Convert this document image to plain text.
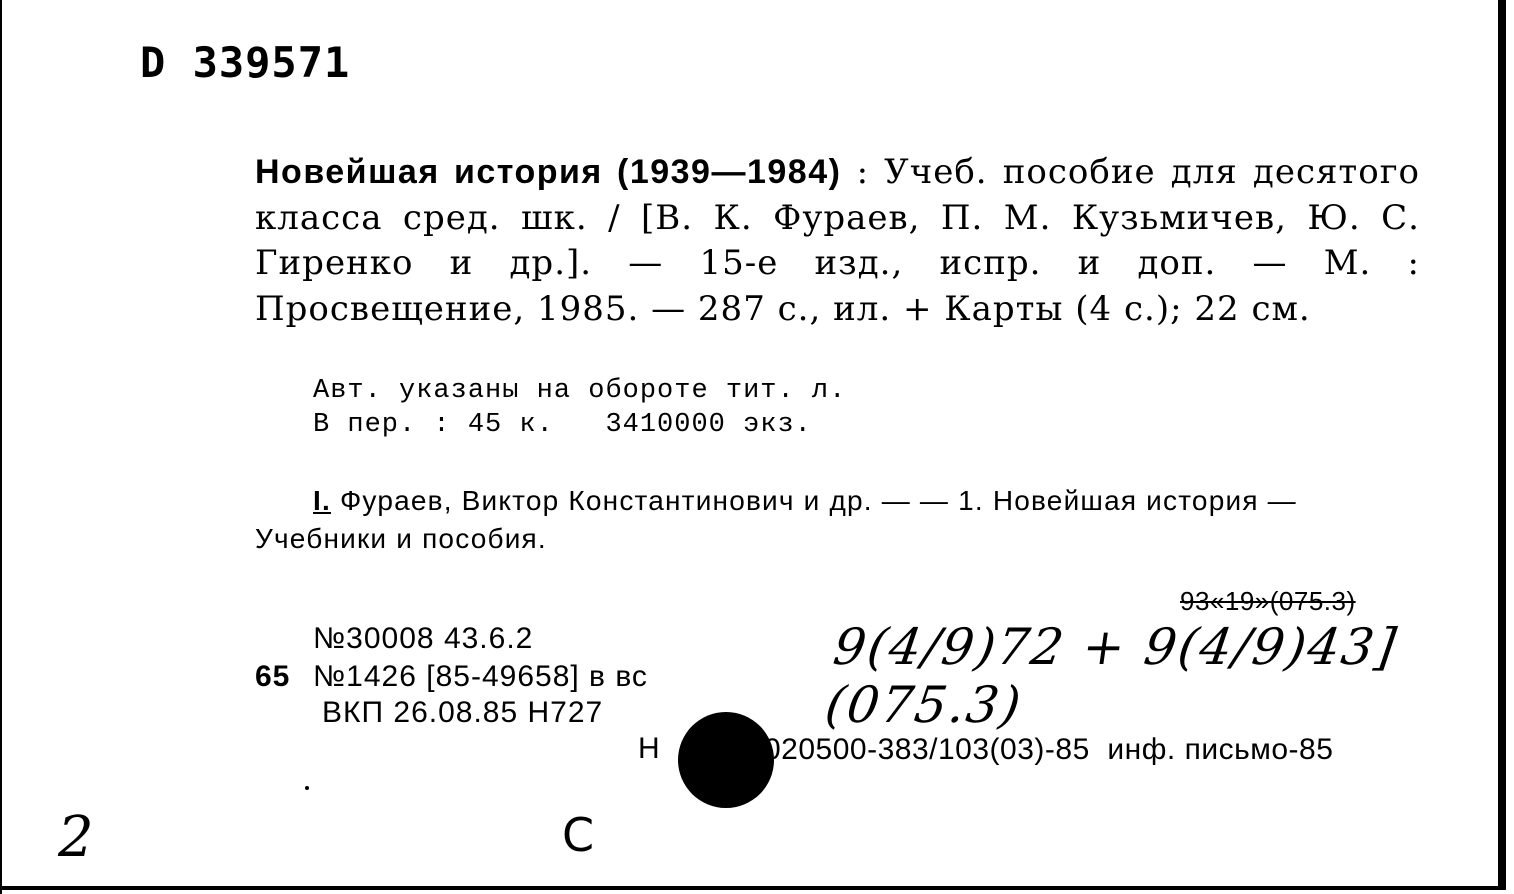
D 339571
Новейшая история (1939—1984) : Учеб. пособие для десятого класса сред. шк. / [В. К. Фураев, П. М. Кузьмичев, Ю. С. Гиренко и др.]. — 15-е изд., испр. и доп. — М. : Просвещение, 1985. — 287 с., ил. + Карты (4 с.); 22 см.
Авт. указаны на обороте тит. л.
В пер. : 45 к.   3410000 экз.
I. Фураев, Виктор Константинович и др. — — 1. Новейшая история — Учебники и пособия.
№30008 43.6.2
65 №1426 [85-49658] в вс
ВКП 26.08.85 Н727
93«19»(075.3)
9(4/9)72 + 9(4/9)43](075.3)
Н	020500-383/103(03)-85  инф. письмо-85
С
2
